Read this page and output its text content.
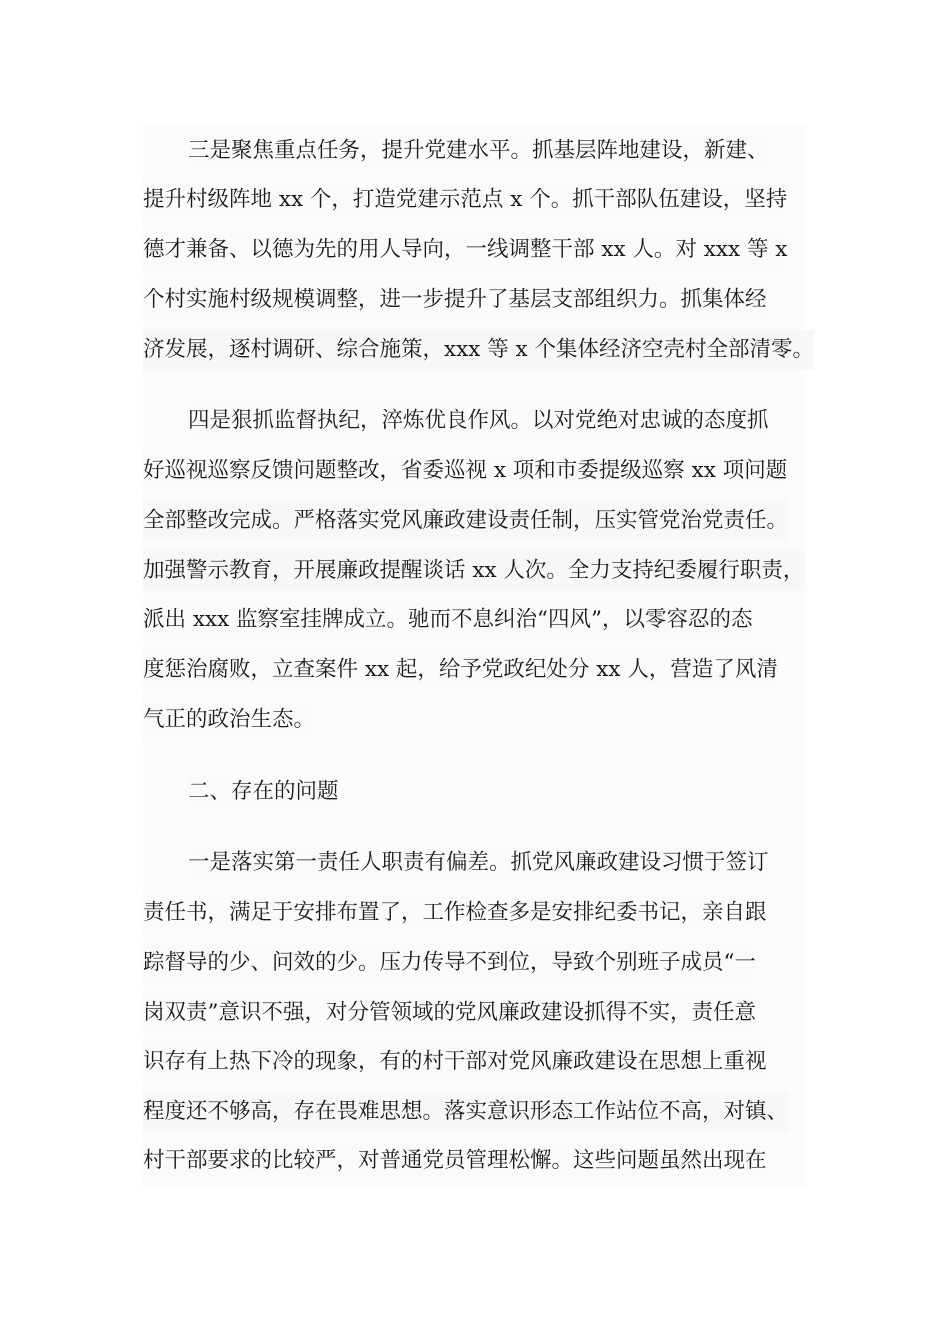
三是聚焦重点任务，提升党建水平。抓基层阵地建设，新建、
提升村级阵地 xx 个，打造党建示范点 x 个。抓干部队伍建设，坚持
德才兼备、以德为先的用人导向，一线调整干部 xx 人。对 xxx 等 x
个村实施村级规模调整，进一步提升了基层支部组织力。抓集体经
济发展，逐村调研、综合施策，xxx 等 x 个集体经济空壳村全部清零。
四是狠抓监督执纪，淬炼优良作风。以对党绝对忠诚的态度抓
好巡视巡察反馈问题整改，省委巡视 x 项和市委提级巡察 xx 项问题
全部整改完成。严格落实党风廉政建设责任制，压实管党治党责任。
加强警示教育，开展廉政提醒谈话 xx 人次。全力支持纪委履行职责，
派出 xxx 监察室挂牌成立。驰而不息纠治“四风”，以零容忍的态
度惩治腐败，立查案件 xx 起，给予党政纪处分 xx 人，营造了风清
气正的政治生态。
二、存在的问题
一是落实第一责任人职责有偏差。抓党风廉政建设习惯于签订
责任书，满足于安排布置了，工作检查多是安排纪委书记，亲自跟
踪督导的少、问效的少。压力传导不到位，导致个别班子成员“一
岗双责”意识不强，对分管领域的党风廉政建设抓得不实，责任意
识存有上热下冷的现象，有的村干部对党风廉政建设在思想上重视
程度还不够高，存在畏难思想。落实意识形态工作站位不高，对镇、
村干部要求的比较严，对普通党员管理松懈。这些问题虽然出现在
